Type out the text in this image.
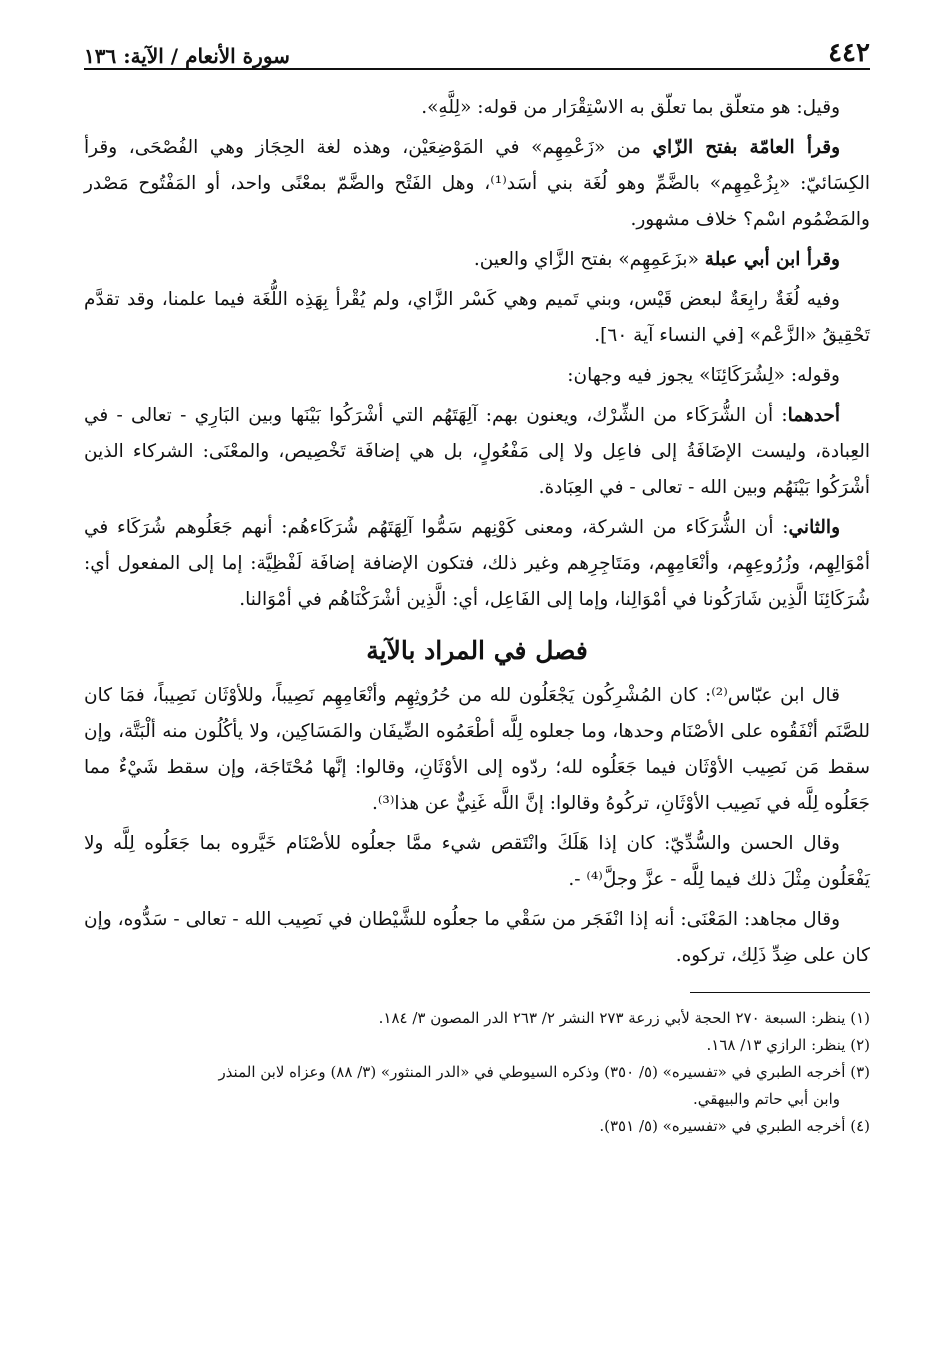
٤٤٢
سورة الأنعام / الآية: ١٣٦

وقيل: هو متعلّق بما تعلّق به الاسْتِقْرَار من قوله: «لِلَّهِ».

وقرأ العامّة بفتح الزّاي من «زَعْمِهِم» في المَوْضِعَيْن، وهذه لغة الحِجَاز وهي الفُصْحَى، وقرأ الكِسَائيّ: «بِزُعْمِهِم» بالضَّمِّ وهو لُغَة بني أسَد⁽¹⁾، وهل الفَتْح والضَّمّ بمعْنًى واحد، أو المَفْتُوح مَصْدر والمَضْمُوم اسْم؟ خلاف مشهور.

وقرأ ابن أبي عبلة «بزَعَمِهِم» بفتح الزَّاي والعين.

وفيه لُغَةٌ رابِعَةٌ لبعض قَيْس، وبني تَميم وهي كَسْر الزَّاي، ولم يُقْرأ بِهَذِه اللُّغَة فيما علمنا، وقد تقدَّم تَحْقِيقُ «الزَّعْم» [في النساء آية ٦٠].

وقوله: «لِشُرَكَائِنَا» يجوز فيه وجهان:

أحدهما: أن الشُّرَكَاء من الشِّرْك، ويعنون بهم: آلِهَتَهُم التي أشْرَكُوا بَيْنَها وبين البَارِي - تعالى - في العِبادة، وليست الإضَافَةُ إلى فاعِل ولا إلى مَفْعُولٍ، بل هي إضافَة تَخْصِيص، والمعْنَى: الشركاء الذين أشْرَكُوا بَيْنَهُم وبين الله - تعالى - في العِبَادة.

والثاني: أن الشُّرَكَاء من الشركة، ومعنى كَوْنِهم سَمُّوا آلِهَتَهُم شُرَكَاءهُم: أنهم جَعَلُوهم شُرَكَاء في أمْوَالِهِم، وزُرُوعِهِم، وأنْعَامِهِم، ومَتَاجِرِهم وغير ذلك، فتكون الإضافة إضافَة لَفْظِيَّة: إما إلى المفعول أي: شُرَكَائِنَا الَّذِين شَارَكُونا في أمْوَالِنا، وإما إلى الفَاعِل، أي: الَّذِين أشْرَكْنَاهُم في أمْوَالنا.

فصل في المراد بالآية

قال ابن عبّاس⁽²⁾: كان المُشْرِكُون يَجْعَلُون لله من حُرُوثِهِم وأنْعَامِهِم نَصِيباً، وللأوْثَان نَصِيباً، فمَا كان للصَّنَم أنْفَقُوه على الأصْنَام وحدها، وما جعلوه لِلَّه أطْعَمُوه الضِّيفَان والمَسَاكِين، ولا يأكُلُون منه ألْبَتَّة، وإن سقط مَن نَصِيب الأوْثَان فيما جَعَلُوه لله؛ ردّوه إلى الأوْثَانِ، وقالوا: إنَّها مُحْتَاجَة، وإن سقط شَيْءٌ مما جَعَلُوه لِلَّه في نَصِيب الأوْثَانِ، تركُوهُ وقالوا: إنَّ اللَّه غَنِيٌّ عن هذا⁽³⁾.

وقال الحسن والسُّدِّيّ: كان إذا هَلَكَ وانْتَقص شيء ممَّا جعلُوه للأصْنَام خَيَّروه بما جَعَلُوه لِلَّه ولا يَفْعَلُون مِثْلَ ذلك فيما لِلَّه - عزَّ وجلَّ⁽⁴⁾ -.

وقال مجاهد: المَعْنَى: أنه إذا انْفَجَر من سَقْي ما جعلُوه للشَّيْطان في نَصِيب الله - تعالى - سَدُّوه، وإن كان على ضِدِّ ذَلِك، تركوه.

(١) ينظر: السبعة ٢٧٠ الحجة لأبي زرعة ٢٧٣ النشر ٢/ ٢٦٣ الدر المصون ٣/ ١٨٤.

(٢) ينظر: الرازي ١٣/ ١٦٨.

(٣) أخرجه الطبري في «تفسيره» (٥/ ٣٥٠) وذكره السيوطي في «الدر المنثور» (٣/ ٨٨) وعزاه لابن المنذر
وابن أبي حاتم والبيهقي.

(٤) أخرجه الطبري في «تفسيره» (٥/ ٣٥١).
